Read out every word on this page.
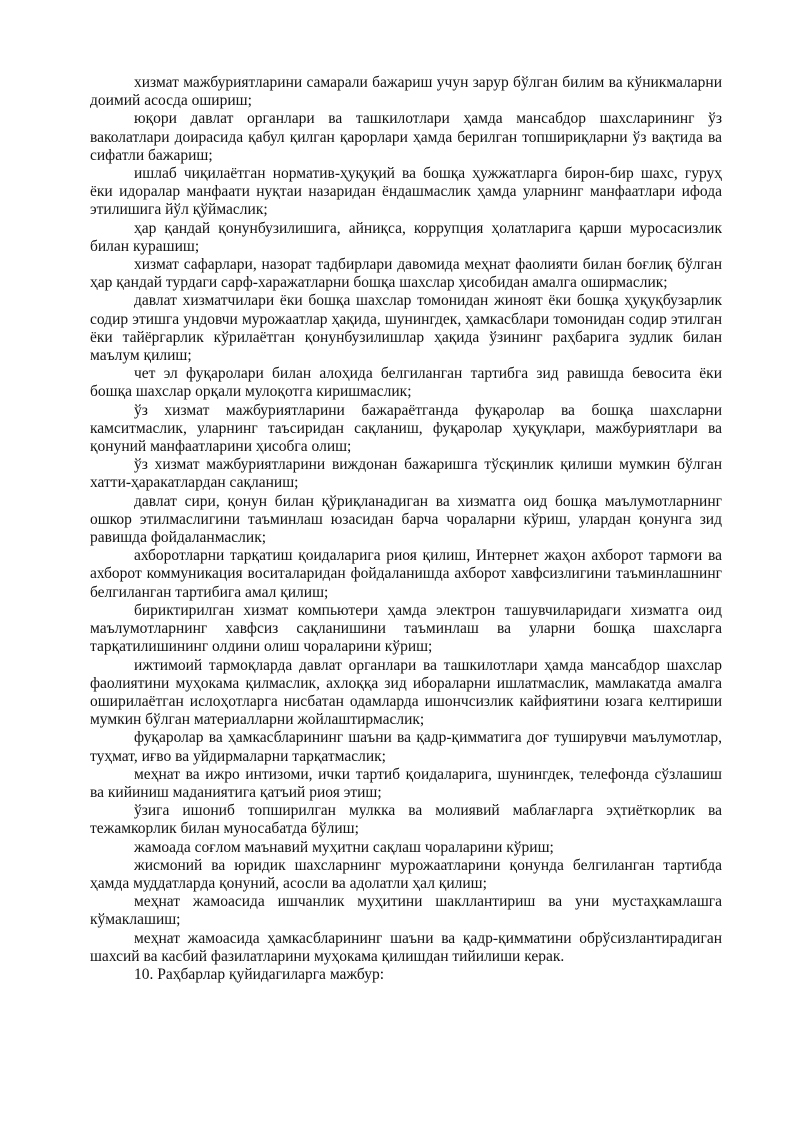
хизмат мажбуриятларини самарали бажариш учун зарур бўлган билим ва кўникмаларни доимий асосда ошириш;

юқори давлат органлари ва ташкилотлари ҳамда мансабдор шахсларининг ўз ваколатлари доирасида қабул қилган қарорлари ҳамда берилган топшириқларни ўз вақтида ва сифатли бажариш;

ишлаб чиқилаётган норматив-ҳуқуқий ва бошқа ҳужжатларга бирон-бир шахс, гуруҳ ёки идоралар манфаати нуқтаи назаридан ёндашмаслик ҳамда уларнинг манфаатлари ифода этилишига йўл қўймаслик;

ҳар қандай қонунбузилишига, айниқса, коррупция ҳолатларига қарши муросасизлик билан курашиш;

хизмат сафарлари, назорат тадбирлари давомида меҳнат фаолияти билан боғлиқ бўлган ҳар қандай турдаги сарф-харажатларни бошқа шахслар ҳисобидан амалга оширмаслик;

давлат хизматчилари ёки бошқа шахслар томонидан жиноят ёки бошқа ҳуқуқбузарлик содир этишга ундовчи мурожаатлар ҳақида, шунингдек, ҳамкасблари томонидан содир этилган ёки тайёргарлик кўрилаётган қонунбузилишлар ҳақида ўзининг раҳбарига зудлик билан маълум қилиш;

чет эл фуқаролари билан алоҳида белгиланган тартибга зид равишда бевосита ёки бошқа шахслар орқали мулоқотга киришмаслик;

ўз хизмат мажбуриятларини бажараётганда фуқаролар ва бошқа шахсларни камситмаслик, уларнинг таъсиридан сақланиш, фуқаролар ҳуқуқлари, мажбуриятлари ва қонуний манфаатларини ҳисобга олиш;

ўз хизмат мажбуриятларини виждонан бажаришга тўсқинлик қилиши мумкин бўлган хатти-ҳаракатлардан сақланиш;

давлат сири, қонун билан қўриқланадиган ва хизматга оид бошқа маълумотларнинг ошкор этилмаслигини таъминлаш юзасидан барча чораларни кўриш, улардан қонунга зид равишда фойдаланмаслик;

ахборотларни тарқатиш қоидаларига риоя қилиш, Интернет жаҳон ахборот тармоғи ва ахборот коммуникация воситаларидан фойдаланишда ахборот хавфсизлигини таъминлашнинг белгиланган тартибига амал қилиш;

бириктирилган хизмат компьютери ҳамда электрон ташувчиларидаги хизматга оид маълумотларнинг хавфсиз сақланишини таъминлаш ва уларни бошқа шахсларга тарқатилишининг олдини олиш чораларини кўриш;

ижтимоий тармоқларда давлат органлари ва ташкилотлари ҳамда мансабдор шахслар фаолиятини муҳокама қилмаслик, ахлоққа зид ибораларни ишлатмаслик, мамлакатда амалга оширилаётган ислоҳотларга нисбатан одамларда ишончсизлик кайфиятини юзага келтириши мумкин бўлган материалларни жойлаштирмаслик;

фуқаролар ва ҳамкасбларининг шаъни ва қадр-қимматига доғ туширувчи маълумотлар, туҳмат, иғво ва уйдирмаларни тарқатмаслик;

меҳнат ва ижро интизоми, ички тартиб қоидаларига, шунингдек, телефонда сўзлашиш ва кийиниш маданиятига қатъий риоя этиш;

ўзига ишониб топширилган мулкка ва молиявий маблағларга эҳтиёткорлик ва тежамкорлик билан муносабатда бўлиш;

жамоада соғлом маънавий муҳитни сақлаш чораларини кўриш;

жисмоний ва юридик шахсларнинг мурожаатларини қонунда белгиланган тартибда ҳамда муддатларда қонуний, асосли ва адолатли ҳал қилиш;

меҳнат жамоасида ишчанлик муҳитини шакллантириш ва уни мустаҳкамлашга кўмаклашиш;

меҳнат жамоасида ҳамкасбларининг шаъни ва қадр-қимматини обрўсизлантирадиган шахсий ва касбий фазилатларини муҳокама қилишдан тийилиши керак.

10. Раҳбарлар қуйидагиларга мажбур:
